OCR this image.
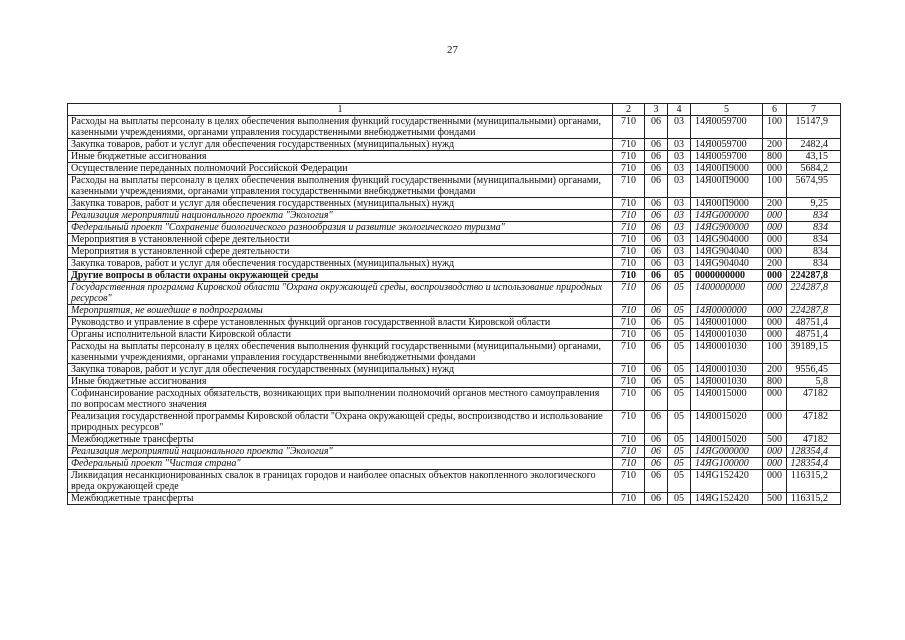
27
1	2	3	4	5	6	7
Расходы на выплаты персоналу в целях обеспечения выполнения функций государственными (муниципальными) органами, казенными учреждениями, органами управления государственными внебюджетными фондами	710	06	03	14Я0059700	100	15147,9
Закупка товаров, работ и услуг для обеспечения государственных (муниципальных) нужд	710	06	03	14Я0059700	200	2482,4
Иные бюджетные ассигнования	710	06	03	14Я0059700	800	43,15
Осуществление переданных полномочий Российской Федерации	710	06	03	14Я00П9000	000	5684,2
Расходы на выплаты персоналу в целях обеспечения выполнения функций государственными (муниципальными) органами, казенными учреждениями, органами управления государственными внебюджетными фондами	710	06	03	14Я00П9000	100	5674,95
Закупка товаров, работ и услуг для обеспечения государственных (муниципальных) нужд	710	06	03	14Я00П9000	200	9,25
Реализация мероприятий национального проекта "Экология"	710	06	03	14ЯG000000	000	834
Федеральный проект "Сохранение биологического разнообразия и развитие экологического туризма"	710	06	03	14ЯG900000	000	834
Мероприятия в установленной сфере деятельности	710	06	03	14ЯG904000	000	834
Мероприятия в установленной сфере деятельности	710	06	03	14ЯG904040	000	834
Закупка товаров, работ и услуг для обеспечения государственных (муниципальных) нужд	710	06	03	14ЯG904040	200	834
Другие вопросы в области охраны окружающей среды	710	06	05	0000000000	000	224287,8
Государственная программа Кировской области "Охрана окружающей среды, воспроизводство и использование природных ресурсов"	710	06	05	1400000000	000	224287,8
Мероприятия, не вошедшие в подпрограммы	710	06	05	14Я0000000	000	224287,8
Руководство и управление в сфере установленных функций органов государственной власти Кировской области	710	06	05	14Я0001000	000	48751,4
Органы исполнительной власти Кировской области	710	06	05	14Я0001030	000	48751,4
Расходы на выплаты персоналу в целях обеспечения выполнения функций государственными (муниципальными) органами, казенными учреждениями, органами управления государственными внебюджетными фондами	710	06	05	14Я0001030	100	39189,15
Закупка товаров, работ и услуг для обеспечения государственных (муниципальных) нужд	710	06	05	14Я0001030	200	9556,45
Иные бюджетные ассигнования	710	06	05	14Я0001030	800	5,8
Софинансирование расходных обязательств, возникающих при выполнении полномочий органов местного самоуправления по вопросам местного значения	710	06	05	14Я0015000	000	47182
Реализация государственной программы Кировской области "Охрана окружающей среды, воспроизводство и использование природных ресурсов"	710	06	05	14Я0015020	000	47182
Межбюджетные трансферты	710	06	05	14Я0015020	500	47182
Реализация мероприятий национального проекта "Экология"	710	06	05	14ЯG000000	000	128354,4
Федеральный проект "Чистая страна"	710	06	05	14ЯG100000	000	128354,4
Ликвидация несанкционированных свалок в границах городов и наиболее опасных объектов накопленного экологического вреда окружающей среде	710	06	05	14ЯG152420	000	116315,2
Межбюджетные трансферты	710	06	05	14ЯG152420	500	116315,2
